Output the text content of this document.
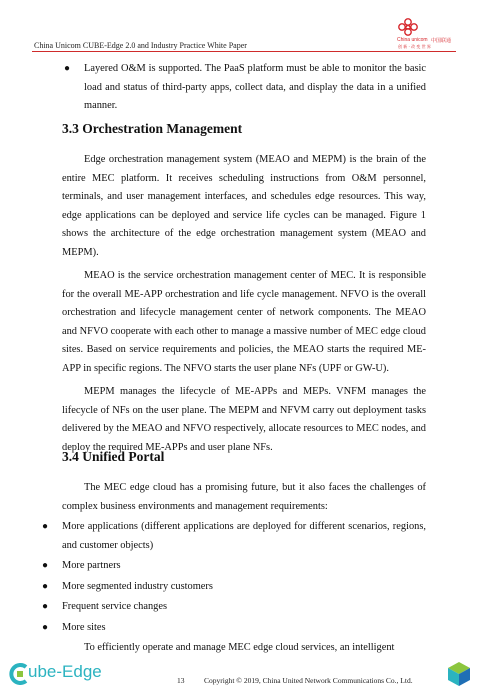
China Unicom CUBE-Edge 2.0 and Industry Practice White Paper
China unicom 中国联通
创 新 · 改 变 世 界
● Layered O&M is supported. The PaaS platform must be able to monitor the basic load and status of third-party apps, collect data, and display the data in a unified manner.

3.3 Orchestration Management

Edge orchestration management system (MEAO and MEPM) is the brain of the entire MEC platform. It receives scheduling instructions from O&M personnel, terminals, and user management interfaces, and schedules edge resources. This way, edge applications can be deployed and service life cycles can be managed. Figure 1 shows the architecture of the edge orchestration management system (MEAO and MEPM).

MEAO is the service orchestration management center of MEC. It is responsible for the overall ME-APP orchestration and life cycle management. NFVO is the overall orchestration and lifecycle management center of network components. The MEAO and NFVO cooperate with each other to manage a massive number of MEC edge cloud sites. Based on service requirements and policies, the MEAO starts the required ME-APP in specific regions. The NFVO starts the user plane NFs (UPF or GW-U).

MEPM manages the lifecycle of ME-APPs and MEPs. VNFM manages the lifecycle of NFs on the user plane. The MEPM and NFVM carry out deployment tasks delivered by the MEAO and NFVO respectively, allocate resources to MEC nodes, and deploy the required ME-APPs and user plane NFs.

3.4 Unified Portal

The MEC edge cloud has a promising future, but it also faces the challenges of complex business environments and management requirements:

● More applications (different applications are deployed for different scenarios, regions, and customer objects)

● More partners

● More segmented industry customers

● Frequent service changes

● More sites

To efficiently operate and manage MEC edge cloud services, an intelligent

ube-Edge	13	Copyright © 2019, China United Network Communications Co., Ltd.
